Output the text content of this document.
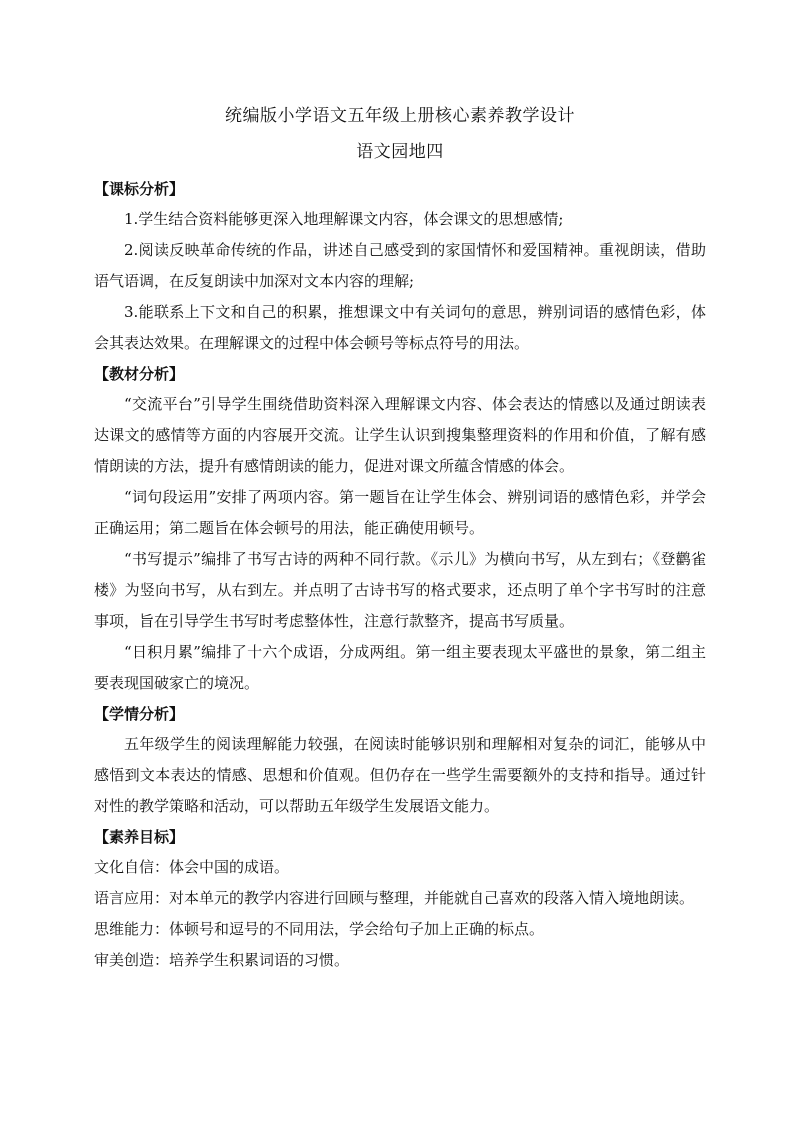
统编版小学语文五年级上册核心素养教学设计

语文园地四

【课标分析】

1.学生结合资料能够更深入地理解课文内容，体会课文的思想感情;

2.阅读反映革命传统的作品，讲述自己感受到的家国情怀和爱国精神。重视朗读，借助语气语调，在反复朗读中加深对文本内容的理解;

3.能联系上下文和自己的积累，推想课文中有关词句的意思，辨别词语的感情色彩，体会其表达效果。在理解课文的过程中体会顿号等标点符号的用法。

【教材分析】

“交流平台”引导学生围绕借助资料深入理解课文内容、体会表达的情感以及通过朗读表达课文的感情等方面的内容展开交流。让学生认识到搜集整理资料的作用和价值，了解有感情朗读的方法，提升有感情朗读的能力，促进对课文所蕴含情感的体会。

“词句段运用”安排了两项内容。第一题旨在让学生体会、辨别词语的感情色彩，并学会正确运用；第二题旨在体会顿号的用法，能正确使用顿号。

“书写提示”编排了书写古诗的两种不同行款。《示儿》为横向书写，从左到右；《登鹳雀楼》为竖向书写，从右到左。并点明了古诗书写的格式要求，还点明了单个字书写时的注意事项，旨在引导学生书写时考虑整体性，注意行款整齐，提高书写质量。

“日积月累”编排了十六个成语，分成两组。第一组主要表现太平盛世的景象，第二组主要表现国破家亡的境况。

【学情分析】

五年级学生的阅读理解能力较强，在阅读时能够识别和理解相对复杂的词汇，能够从中感悟到文本表达的情感、思想和价值观。但仍存在一些学生需要额外的支持和指导。通过针对性的教学策略和活动，可以帮助五年级学生发展语文能力。

【素养目标】

文化自信：体会中国的成语。

语言应用：对本单元的教学内容进行回顾与整理，并能就自己喜欢的段落入情入境地朗读。

思维能力：体顿号和逗号的不同用法，学会给句子加上正确的标点。

审美创造：培养学生积累词语的习惯。
